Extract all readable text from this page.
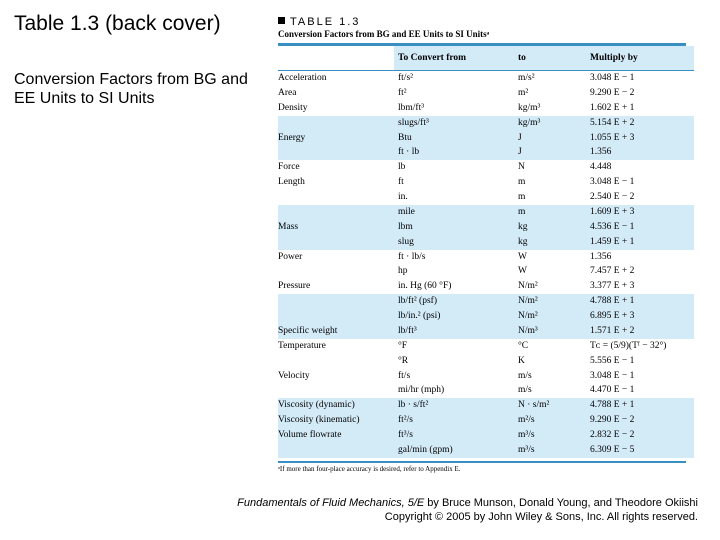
Table 1.3 (back cover)

Conversion Factors from BG and EE Units to SI Units

TABLE 1.3
Conversion Factors from BG and EE Units to SI Unitsᵃ
	To Convert from	to	Multiply by
Acceleration	ft/s²	m/s²	3.048 E − 1
Area	ft²	m²	9.290 E − 2
Density	lbm/ft³	kg/m³	1.602 E + 1
	slugs/ft³	kg/m³	5.154 E + 2
Energy	Btu	J	1.055 E + 3
	ft · lb	J	1.356
Force	lb	N	4.448
Length	ft	m	3.048 E − 1
	in.	m	2.540 E − 2
	mile	m	1.609 E + 3
Mass	lbm	kg	4.536 E − 1
	slug	kg	1.459 E + 1
Power	ft · lb/s	W	1.356
	hp	W	7.457 E + 2
Pressure	in. Hg (60 °F)	N/m²	3.377 E + 3
	lb/ft² (psf)	N/m²	4.788 E + 1
	lb/in.² (psi)	N/m²	6.895 E + 3
Specific weight	lb/ft³	N/m³	1.571 E + 2
Temperature	°F	°C	Tᴄ = (5/9)(Tᶠ − 32°)
	°R	K	5.556 E − 1
Velocity	ft/s	m/s	3.048 E − 1
	mi/hr (mph)	m/s	4.470 E − 1
Viscosity (dynamic)	lb · s/ft²	N · s/m²	4.788 E + 1
Viscosity (kinematic)	ft²/s	m²/s	9.290 E − 2
Volume flowrate	ft³/s	m³/s	2.832 E − 2
	gal/min (gpm)	m³/s	6.309 E − 5
ᵃIf more than four-place accuracy is desired, refer to Appendix E.
Fundamentals of Fluid Mechanics, 5/E by Bruce Munson, Donald Young, and Theodore Okiishi
Copyright © 2005 by John Wiley & Sons, Inc. All rights reserved.
